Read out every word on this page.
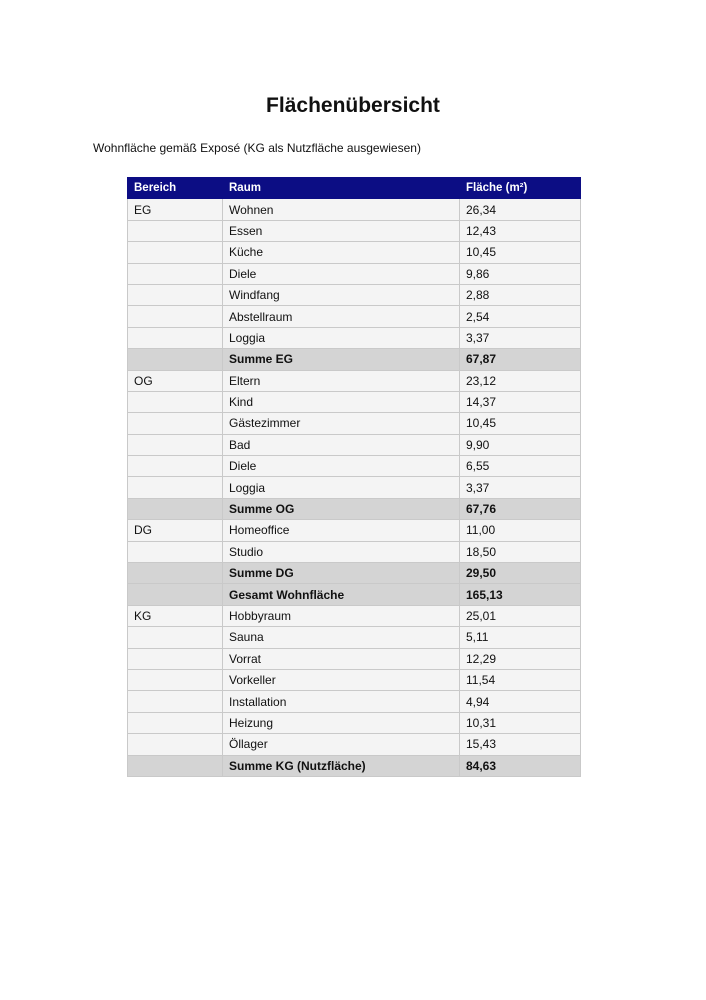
Flächenübersicht

Wohnfläche gemäß Exposé (KG als Nutzfläche ausgewiesen)

Bereich	Raum	Fläche (m²)
EG	Wohnen	26,34
	Essen	12,43
	Küche	10,45
	Diele	9,86
	Windfang	2,88
	Abstellraum	2,54
	Loggia	3,37
	Summe EG	67,87
OG	Eltern	23,12
	Kind	14,37
	Gästezimmer	10,45
	Bad	9,90
	Diele	6,55
	Loggia	3,37
	Summe OG	67,76
DG	Homeoffice	11,00
	Studio	18,50
	Summe DG	29,50
	Gesamt Wohnfläche	165,13
KG	Hobbyraum	25,01
	Sauna	5,11
	Vorrat	12,29
	Vorkeller	11,54
	Installation	4,94
	Heizung	10,31
	Öllager	15,43
	Summe KG (Nutzfläche)	84,63
